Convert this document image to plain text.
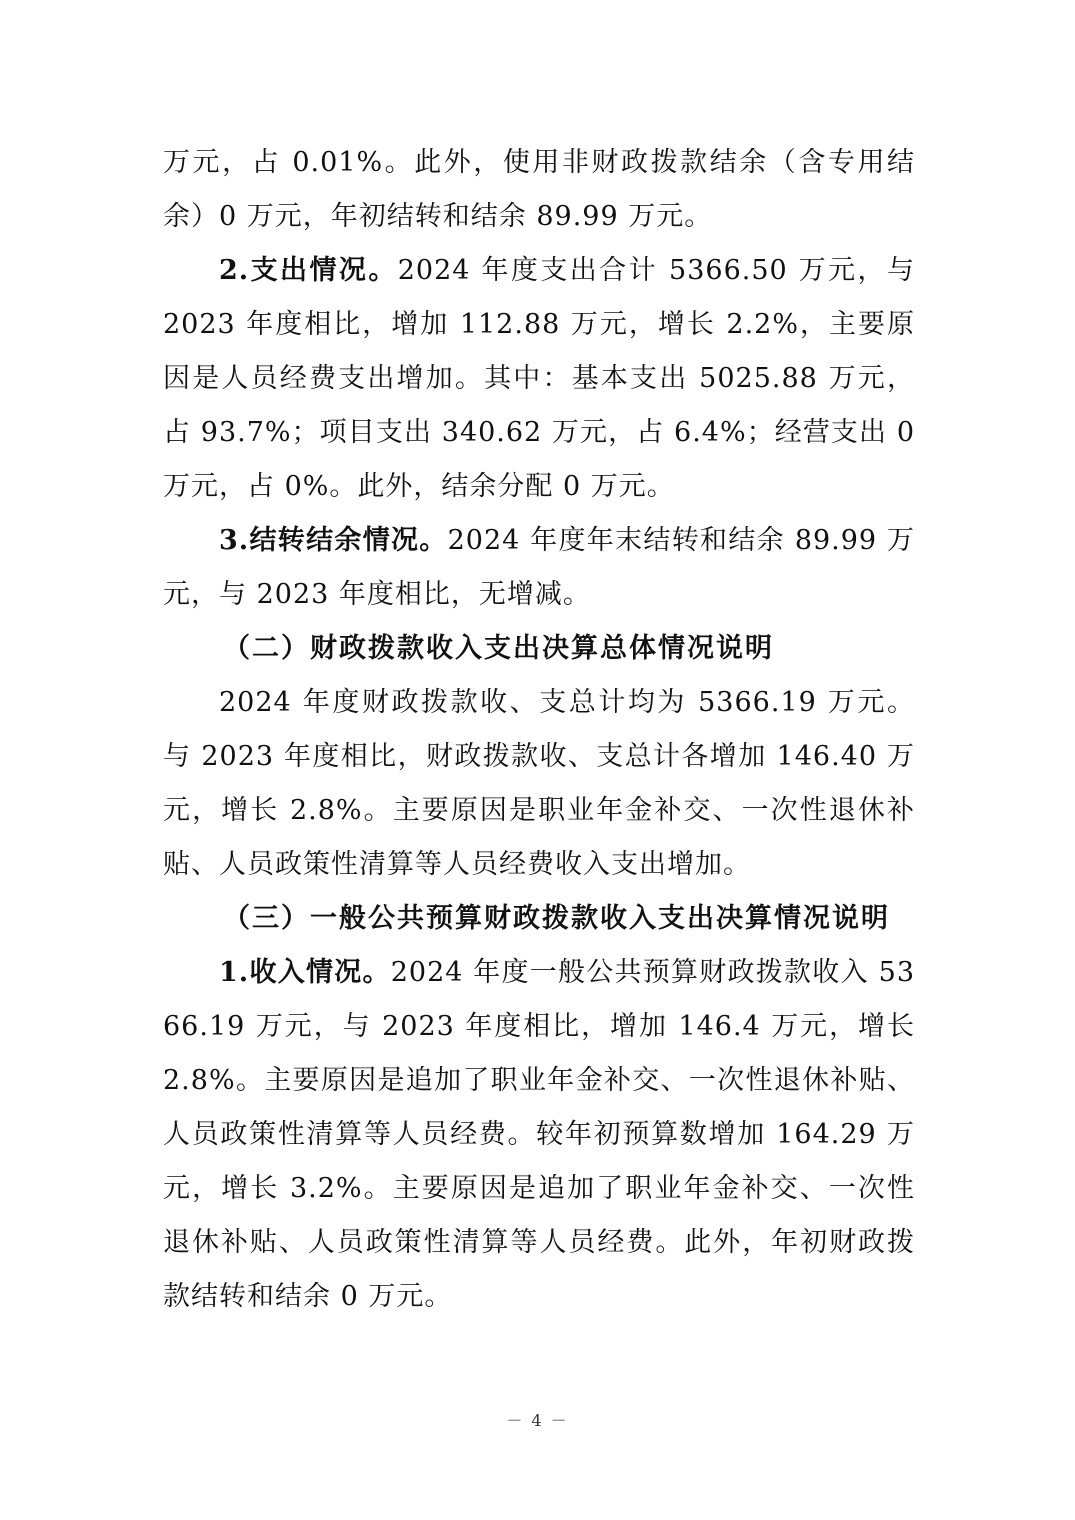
万元，占 0.01%。此外，使用非财政拨款结余（含专用结余）0 万元，年初结转和结余 89.99 万元。

2.支出情况。2024 年度支出合计 5366.50 万元，与 2023 年度相比，增加 112.88 万元，增长 2.2%，主要原因是人员经费支出增加。其中：基本支出 5025.88 万元，占 93.7%；项目支出 340.62 万元，占 6.4%；经营支出 0 万元，占 0%。此外，结余分配 0 万元。

3.结转结余情况。2024 年度年末结转和结余 89.99 万元，与 2023 年度相比，无增减。

（二）财政拨款收入支出决算总体情况说明

2024 年度财政拨款收、支总计均为 5366.19 万元。与 2023 年度相比，财政拨款收、支总计各增加 146.40 万元，增长 2.8%。主要原因是职业年金补交、一次性退休补贴、人员政策性清算等人员经费收入支出增加。

（三）一般公共预算财政拨款收入支出决算情况说明

1.收入情况。2024 年度一般公共预算财政拨款收入 5366.19 万元，与 2023 年度相比，增加 146.4 万元，增长 2.8%。主要原因是追加了职业年金补交、一次性退休补贴、人员政策性清算等人员经费。较年初预算数增加 164.29 万元，增长 3.2%。主要原因是追加了职业年金补交、一次性退休补贴、人员政策性清算等人员经费。此外，年初财政拨款结转和结余 0 万元。

－ 4 －
